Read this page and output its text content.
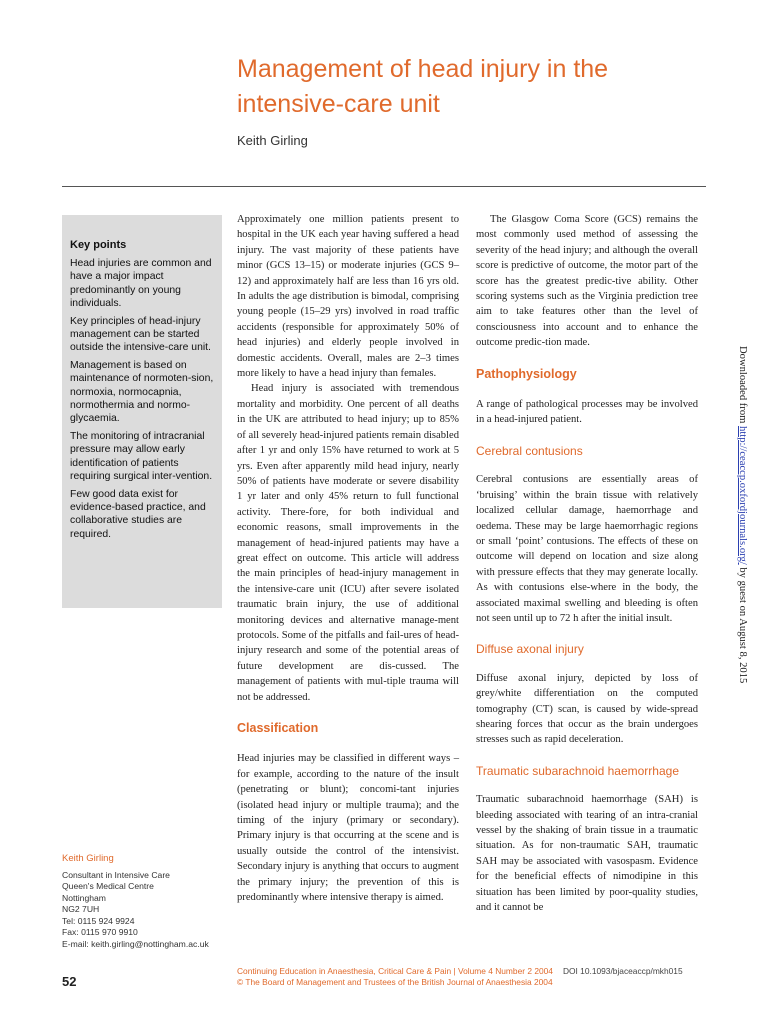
Management of head injury in the intensive-care unit
Keith Girling
Key points

Head injuries are common and have a major impact predominantly on young individuals.

Key principles of head-injury management can be started outside the intensive-care unit.

Management is based on maintenance of normoten-sion, normoxia, normocapnia, normothermia and normo-glycaemia.

The monitoring of intracranial pressure may allow early identification of patients requiring surgical inter-vention.

Few good data exist for evidence-based practice, and collaborative studies are required.

Approximately one million patients present to hospital in the UK each year having suffered a head injury. The vast majority of these patients have minor (GCS 13–15) or moderate injuries (GCS 9–12) and approximately half are less than 16 yrs old. In adults the age distribution is bimodal, comprising young people (15–29 yrs) involved in road traffic accidents (responsible for approximately 50% of head injuries) and elderly people involved in domestic accidents. Overall, males are 2–3 times more likely to have a head injury than females.

Head injury is associated with tremendous mortality and morbidity. One percent of all deaths in the UK are attributed to head injury; up to 85% of all severely head-injured patients remain disabled after 1 yr and only 15% have returned to work at 5 yrs. Even after apparently mild head injury, nearly 50% of patients have moderate or severe disability 1 yr later and only 45% return to full functional activity. There-fore, for both individual and economic reasons, small improvements in the management of head-injured patients may have a great effect on outcome. This article will address the main principles of head-injury management in the intensive-care unit (ICU) after severe isolated traumatic brain injury, the use of additional monitoring devices and alternative manage-ment protocols. Some of the pitfalls and fail-ures of head-injury research and some of the potential areas of future development are dis-cussed. The management of patients with mul-tiple trauma will not be addressed.

Classification

Head injuries may be classified in different ways – for example, according to the nature of the insult (penetrating or blunt); concomi-tant injuries (isolated head injury or multiple trauma); and the timing of the injury (primary or secondary). Primary injury is that occurring at the scene and is usually outside the control of the intensivist. Secondary injury is anything that occurs to augment the primary injury; the prevention of this is predominantly where intensive therapy is aimed.

The Glasgow Coma Score (GCS) remains the most commonly used method of assessing the severity of the head injury; and although the overall score is predictive of outcome, the motor part of the score has the greatest predic-tive ability. Other scoring systems such as the Virginia prediction tree aim to take features other than the level of consciousness into account and to enhance the outcome predic-tion made.

Pathophysiology

A range of pathological processes may be involved in a head-injured patient.

Cerebral contusions

Cerebral contusions are essentially areas of ‘bruising’ within the brain tissue with relatively localized cellular damage, haemorrhage and oedema. These may be large haemorrhagic regions or small ‘point’ contusions. The effects of these on outcome will depend on location and size along with pressure effects that they may generate locally. As with contusions else-where in the body, the associated maximal swelling and bleeding is often not seen until up to 72 h after the initial insult.

Diffuse axonal injury

Diffuse axonal injury, depicted by loss of grey/white differentiation on the computed tomography (CT) scan, is caused by wide-spread shearing forces that occur as the brain undergoes stresses such as rapid deceleration.

Traumatic subarachnoid haemorrhage

Traumatic subarachnoid haemorrhage (SAH) is bleeding associated with tearing of an intra-cranial vessel by the shaking of brain tissue in a traumatic situation. As for non-traumatic SAH, traumatic SAH may be associated with vasospasm. Evidence for the beneficial effects of nimodipine in this situation has been limited by poor-quality studies, and it cannot be

Keith Girling
Consultant in Intensive Care
Queen's Medical Centre
Nottingham
NG2 7UH
Tel: 0115 924 9924
Fax: 0115 970 9910
E-mail: keith.girling@nottingham.ac.uk
52
Continuing Education in Anaesthesia, Critical Care & Pain | Volume 4 Number 2 2004 DOI 10.1093/bjaceaccp/mkh015
© The Board of Management and Trustees of the British Journal of Anaesthesia 2004
Downloaded from http://ceaccp.oxfordjournals.org/ by guest on August 8, 2015
